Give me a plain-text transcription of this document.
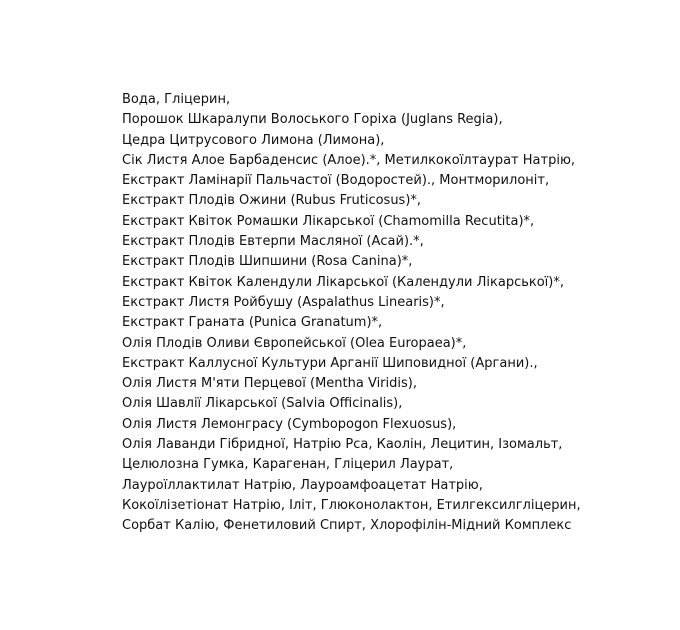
Вода, Гліцерин,
Порошок Шкаралупи Волоського Горіха (Juglans Regia),
Цедра Цитрусового Лимона (Лимона),
Сік Листя Алое Барбаденсис (Алое).*, Метилкокоїлтаурат Натрію,
Екстракт Ламінарії Пальчастої (Водоростей)., Монтморилоніт,
Екстракт Плодів Ожини (Rubus Fruticosus)*,
Екстракт Квіток Ромашки Лікарської (Chamomilla Recutita)*,
Екстракт Плодів Евтерпи Масляної (Асай).*,
Екстракт Плодів Шипшини (Rosa Canina)*,
Екстракт Квіток Календули Лікарської (Календули Лікарської)*,
Екстракт Листя Ройбушу (Aspalathus Linearis)*,
Екстракт Граната (Punica Granatum)*,
Олія Плодів Оливи Європейської (Olea Europaea)*,
Екстракт Каллусної Культури Арганії Шиповидної (Аргани).,
Олія Листя М'яти Перцевої (Mentha Viridis),
Олія Шавлії Лікарської (Salvia Officinalis),
Олія Листя Лемонграсу (Cymbopogon Flexuosus),
Олія Лаванди Гібридної, Натрію Рса, Каолін, Лецитин, Ізомальт,
Целюлозна Гумка, Карагенан, Гліцерил Лаурат,
Лауроїллактилат Натрію, Лауроамфоацетат Натрію,
Кокоїлізетіонат Натрію, Іліт, Глюконолактон, Етилгексилгліцерин,
Сорбат Калію, Фенетиловий Спирт, Хлорофілін-Мідний Комплекс
